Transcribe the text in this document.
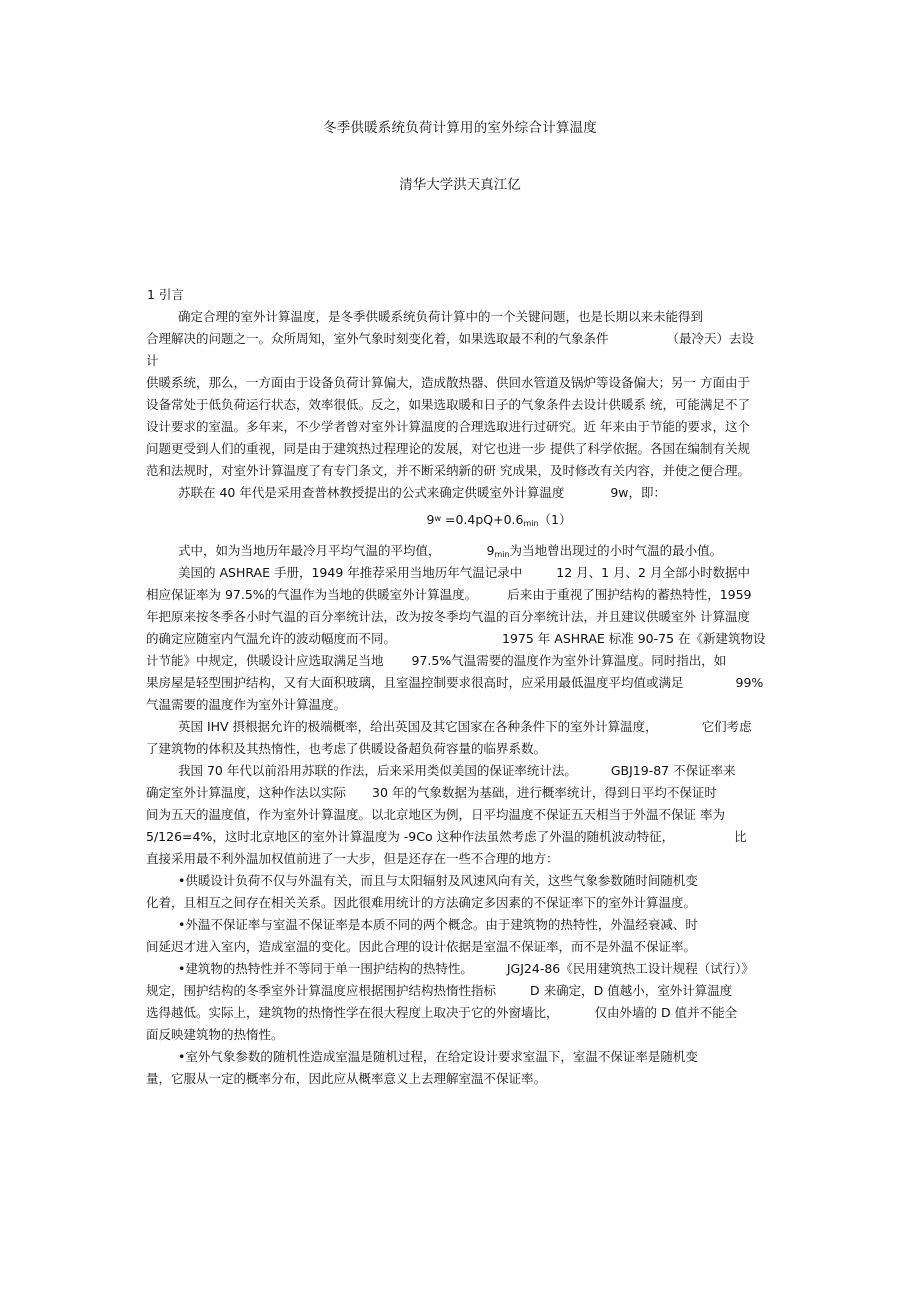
冬季供暖系统负荷计算用的室外综合计算温度
清华大学洪天真江亿
1 引言
确定合理的室外计算温度，是冬季供暖系统负荷计算中的一个关键问题，也是长期以来未能得到
合理解决的问题之一。众所周知，室外气象时刻变化着，如果选取最不利的气象条件	（最冷天）去设
计
供暖系统，那么，一方面由于设备负荷计算偏大，造成散热器、供回水管道及锅炉等设备偏大；另一 方面由于
设备常处于低负荷运行状态，效率很低。反之，如果选取暖和日子的气象条件去设计供暖系 统，可能满足不了
设计要求的室温。多年来，不少学者曾对室外计算温度的合理选取进行过研究。近 年来由于节能的要求，这个
问题更受到人们的重视，同是由于建筑热过程理论的发展，对它也进一步 提供了科学依据。各国在编制有关规
范和法规时，对室外计算温度了有专门条文，并不断采纳新的研 究成果，及时修改有关内容，并使之便合理。
苏联在 40 年代是采用查普林教授提出的公式来确定供暖室外计算温度	9w，即：
$9^w =0.4pQ+0.6_{min}(1)$
式中，如为当地历年最冷月平均气温的平均值，	$9_{min}$为当地曾出现过的小时气温的最小值。
美国的 ASHRAE 手册，1949 年推荐采用当地历年气温记录中	12 月、1 月、2 月全部小时数据中
相应保证率为 97.5%的气温作为当地的供暖室外计算温度。 后来由于重视了围护结构的蓄热特性，1959
年把原来按冬季各小时气温的百分率统计法，改为按冬季均气温的百分率统计法，并且建议供暖室外 计算温度
的确定应随室内气温允许的波动幅度而不同。	1975 年 ASHRAE 标准 90-75 在《新建筑物设
计节能》中规定，供暖设计应选取满足当地 97.5%气温需要的温度作为室外计算温度。同时指出，如
果房屋是轻型围护结构，又有大面积玻璃，且室温控制要求很高时，应采用最低温度平均值或满足	99%
气温需要的温度作为室外计算温度。
英国 IHV 摂根据允许的极端概率，给出英国及其它国家在各种条件下的室外计算温度，	它们考虑
了建筑物的体积及其热惰性，也考虑了供暖设备超负荷容量的临界系数。
我国 70 年代以前沿用苏联的作法，后来采用类似美国的保证率统计法。	GBJ19-87 不保证率来
确定室外计算温度，这种作法以实际 30 年的气象数据为基础，进行概率统计，得到日平均不保证时
间为五天的温度值，作为室外计算温度。以北京地区为例，日平均温度不保证五天相当于外温不保证 率为
5/126=4%，这时北京地区的室外计算温度为 -9Co 这种作法虽然考虑了外温的随机波动特征，	比
直接采用最不利外温加权值前进了一大步，但是还存在一些不合理的地方：
•供暖设计负荷不仅与外温有关，而且与太阳辐射及风速风向有关，这些气象参数随时间随机变
化着，且相互之间存在相关关系。因此很难用统计的方法确定多因素的不保证率下的室外计算温度。
•外温不保证率与室温不保证率是本质不同的两个概念。由于建筑物的热特性，外温经衰减、时
间延迟才进入室内，造成室温的变化。因此合理的设计依据是室温不保证率，而不是外温不保证率。
•建筑物的热特性并不等同于单一围护结构的热特性。	JGJ24-86《民用建筑热工设计规程（试行）》
规定，围护结构的冬季室外计算温度应根据围护结构热惰性指标	D 来确定，D 值越小，室外计算温度
选得越低。实际上，建筑物的热惰性学在很大程度上取决于它的外窗墙比，	仅由外墙的 D 值并不能全
面反映建筑物的热惰性。
•室外气象参数的随机性造成室温是随机过程，在给定设计要求室温下，室温不保证率是随机变
量，它服从一定的概率分布，因此应从概率意义上去理解室温不保证率。
